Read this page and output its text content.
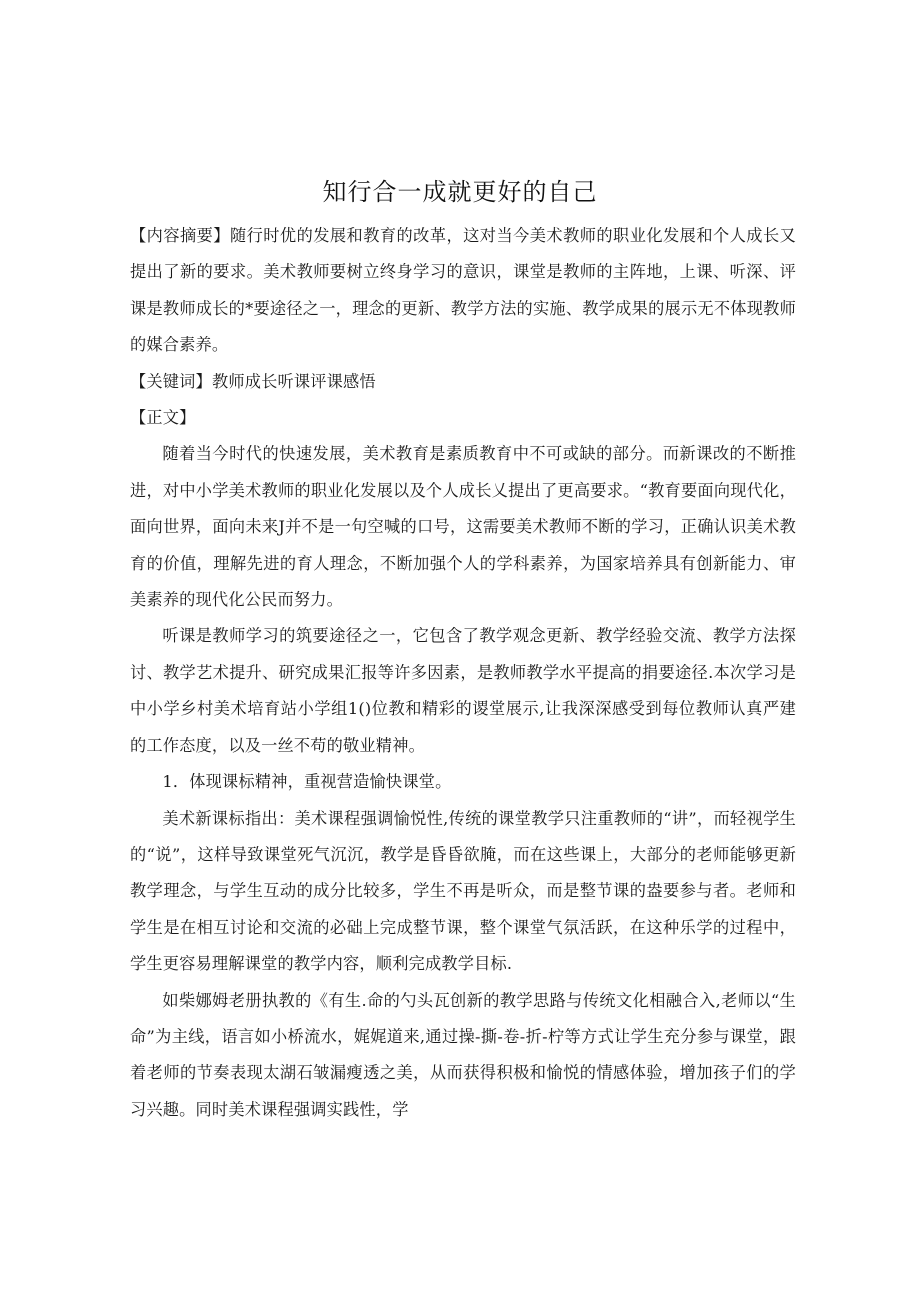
知行合一成就更好的自己

【内容摘要】随行时优的发展和教育的改革，这对当今美术教师的职业化发展和个人成长又提出了新的要求。美术教师要树立终身学习的意识，课堂是教师的主阵地，上课、听深、评课是教师成长的*要途径之一，理念的更新、教学方法的实施、教学成果的展示无不体现教师的媒合素养。

【关键词】教师成长听课评课感悟

【正文】

随着当今时代的快速发展，美术教育是素质教育中不可或缺的部分。而新课改的不断推进，对中小学美术教师的职业化发展以及个人成长乂提出了更高要求。“教育要面向现代化，面向世界，面向未来J并不是一句空喊的口号，这需要美术教师不断的学习，正确认识美术教育的价值，理解先进的育人理念，不断加强个人的学科素养，为国家培养具有创新能力、审美素养的现代化公民而努力。

听课是教师学习的筑要途径之一，它包含了教学观念更新、教学经验交流、教学方法探讨、教学艺术提升、研究成果汇报等许多因素，是教师教学水平提高的捐要途径.本次学习是中小学乡村美术培育站小学组1()位教和精彩的谡堂展示,让我深深感受到每位教师认真严建的工作态度，以及一丝不苟的敬业精神。

1．体现课标精神，重视营造愉快课堂。

美术新课标指出：美术课程强调愉悦性,传统的课堂教学只注重教师的“讲”，而轻视学生的“说”，这样导致课堂死气沉沉，教学是昏昏欲腌，而在这些课上，大部分的老师能够更新教学理念，与学生互动的成分比较多，学生不再是听众，而是整节课的盎要参与者。老师和学生是在相互讨论和交流的必础上完成整节课，整个课堂气氛活跃，在这种乐学的过程中，学生更容易理解课堂的教学内容，顺利完成教学目标.

如柴娜姆老册执教的《有生.命的勺头瓦创新的教学思路与传统文化相融合入,老师以“生命”为主线，语言如小桥流水，娓娓道来,通过操-撕-卷-折-柠等方式让学生充分参与课堂，跟着老师的节奏表现太湖石皱漏瘦透之美，从而获得积极和愉悦的情感体验，增加孩子们的学习兴趣。同时美术课程强调实践性，学
